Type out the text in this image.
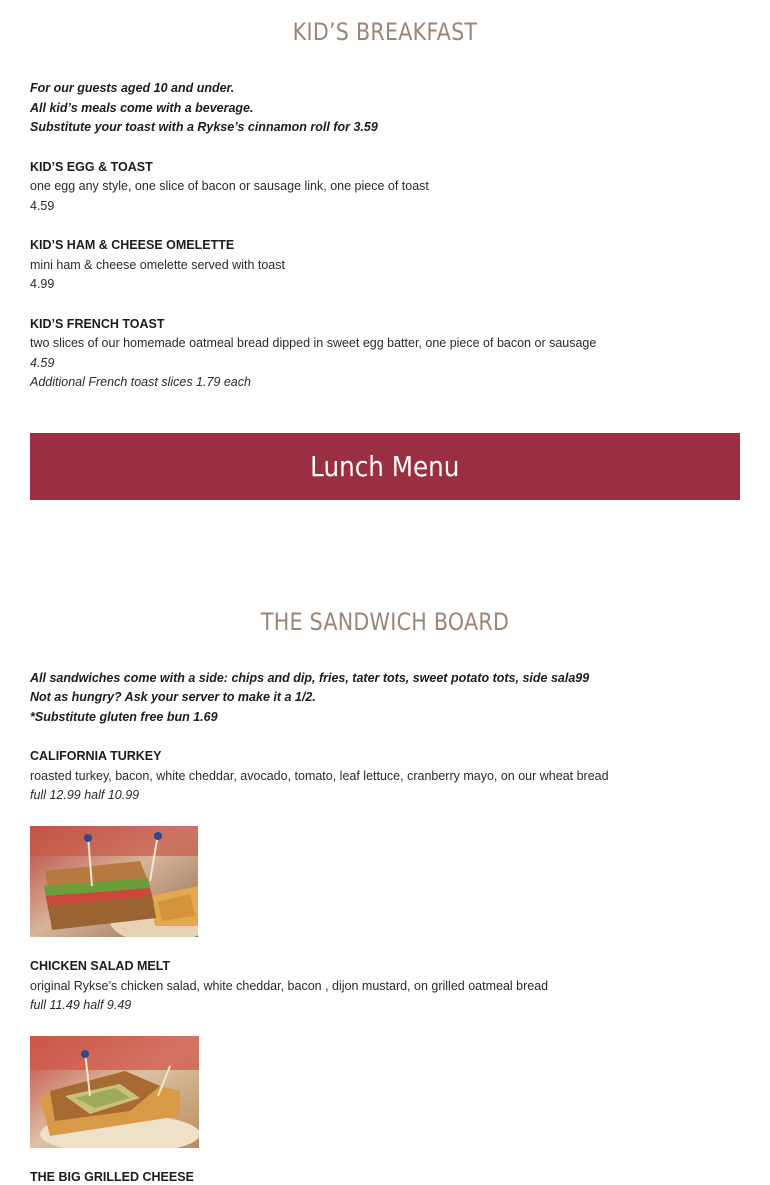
KID’S BREAKFAST
For our guests aged 10 and under.
All kid’s meals come with a beverage.
Substitute your toast with a Rykse’s cinnamon roll for 3.59
KID’S EGG & TOAST
one egg any style, one slice of bacon or sausage link, one piece of toast
4.59
KID’S HAM & CHEESE OMELETTE
mini ham & cheese omelette served with toast
4.99
KID’S FRENCH TOAST
two slices of our homemade oatmeal bread dipped in sweet egg batter, one piece of bacon or sausage
4.59
Additional French toast slices 1.79 each
Lunch Menu
THE SANDWICH BOARD
All sandwiches come with a side: chips and dip, fries, tater tots, sweet potato tots, side sala99
Not as hungry? Ask your server to make it a 1/2.
*Substitute gluten free bun 1.69
CALIFORNIA TURKEY
roasted turkey, bacon, white cheddar, avocado, tomato, leaf lettuce, cranberry mayo, on our wheat bread
full 12.99 half 10.99
CHICKEN SALAD MELT
original Rykse’s chicken salad, white cheddar, bacon , dijon mustard, on grilled oatmeal bread
full 11.49 half 9.49
THE BIG GRILLED CHEESE
